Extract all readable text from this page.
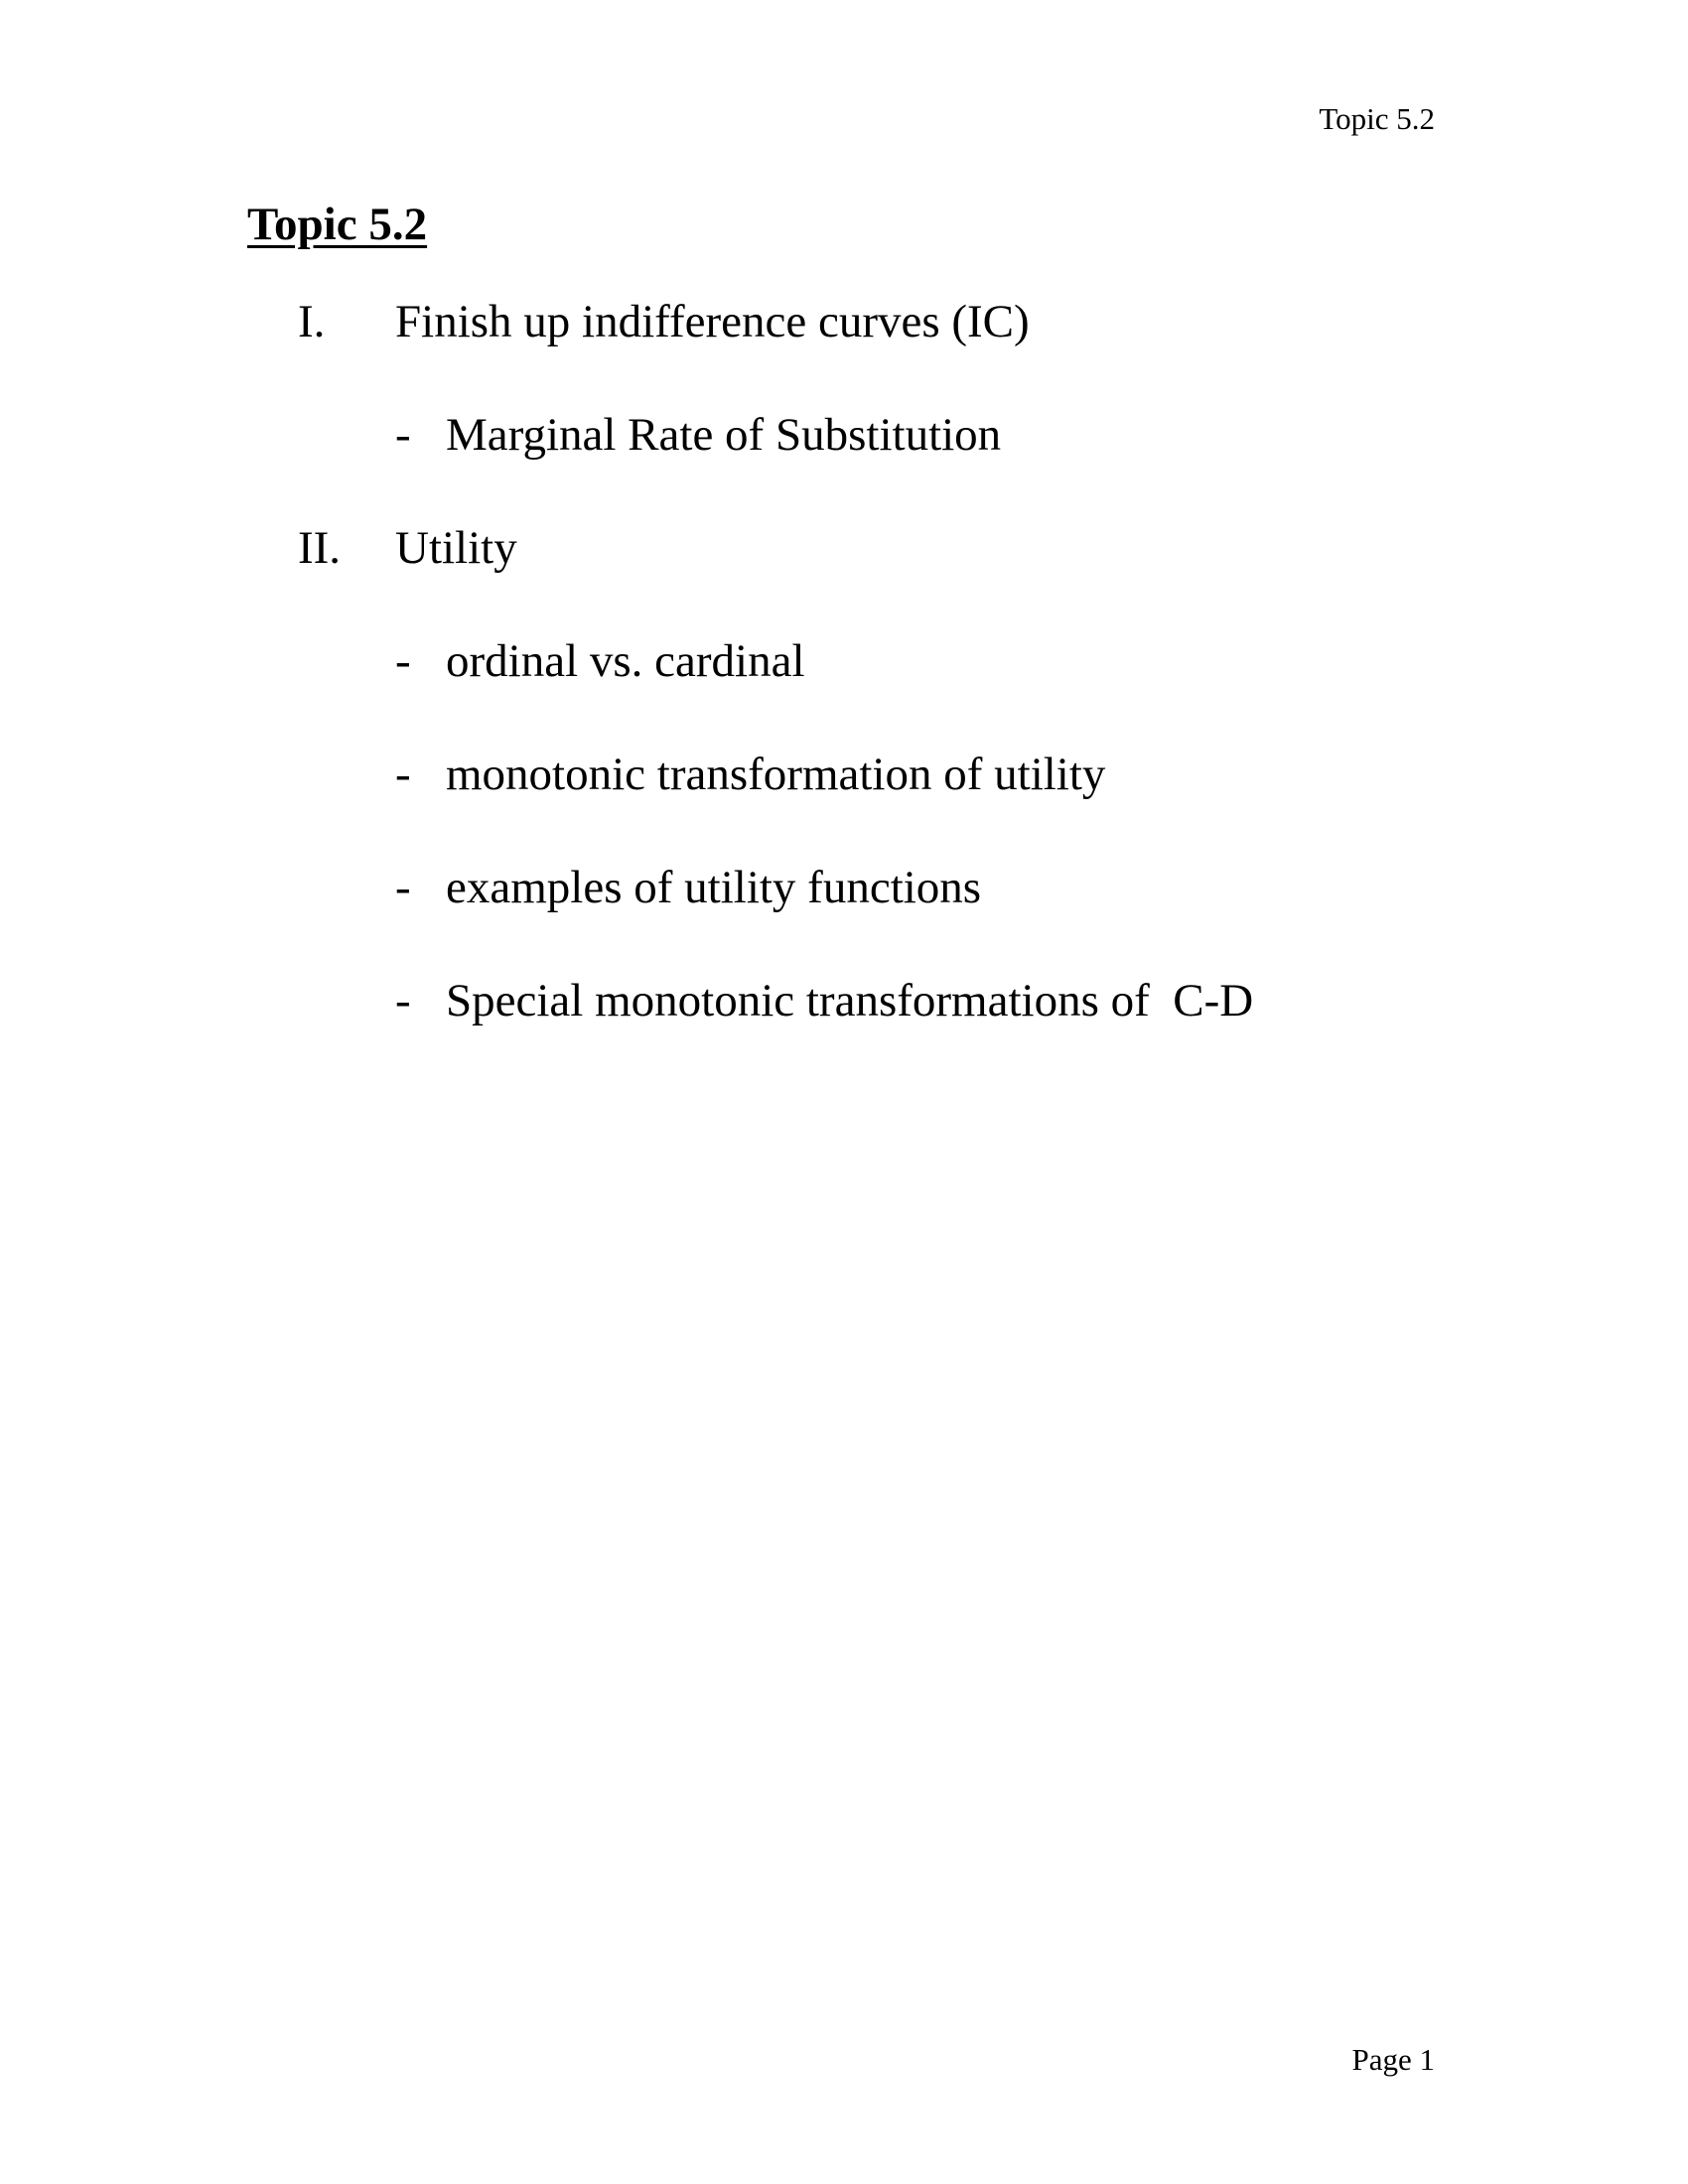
Topic 5.2
Topic 5.2
I. Finish up indifference curves (IC)
- Marginal Rate of Substitution
II. Utility
- ordinal vs. cardinal
- monotonic transformation of utility
- examples of utility functions
- Special monotonic transformations of  C-D
Page 1
